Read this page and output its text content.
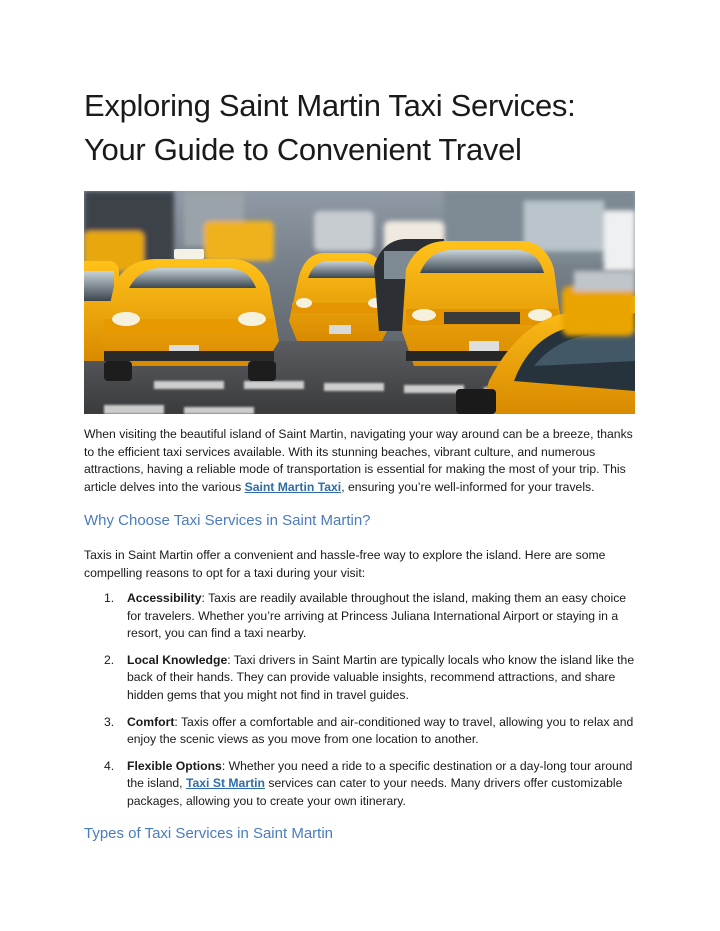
Exploring Saint Martin Taxi Services: Your Guide to Convenient Travel

When visiting the beautiful island of Saint Martin, navigating your way around can be a breeze, thanks to the efficient taxi services available. With its stunning beaches, vibrant culture, and numerous attractions, having a reliable mode of transportation is essential for making the most of your trip. This article delves into the various Saint Martin Taxi, ensuring you’re well-informed for your travels.

Why Choose Taxi Services in Saint Martin?

Taxis in Saint Martin offer a convenient and hassle-free way to explore the island. Here are some compelling reasons to opt for a taxi during your visit:

1. Accessibility: Taxis are readily available throughout the island, making them an easy choice for travelers. Whether you’re arriving at Princess Juliana International Airport or staying in a resort, you can find a taxi nearby.
2. Local Knowledge: Taxi drivers in Saint Martin are typically locals who know the island like the back of their hands. They can provide valuable insights, recommend attractions, and share hidden gems that you might not find in travel guides.
3. Comfort: Taxis offer a comfortable and air-conditioned way to travel, allowing you to relax and enjoy the scenic views as you move from one location to another.
4. Flexible Options: Whether you need a ride to a specific destination or a day-long tour around the island, Taxi St Martin services can cater to your needs. Many drivers offer customizable packages, allowing you to create your own itinerary.
Types of Taxi Services in Saint Martin
